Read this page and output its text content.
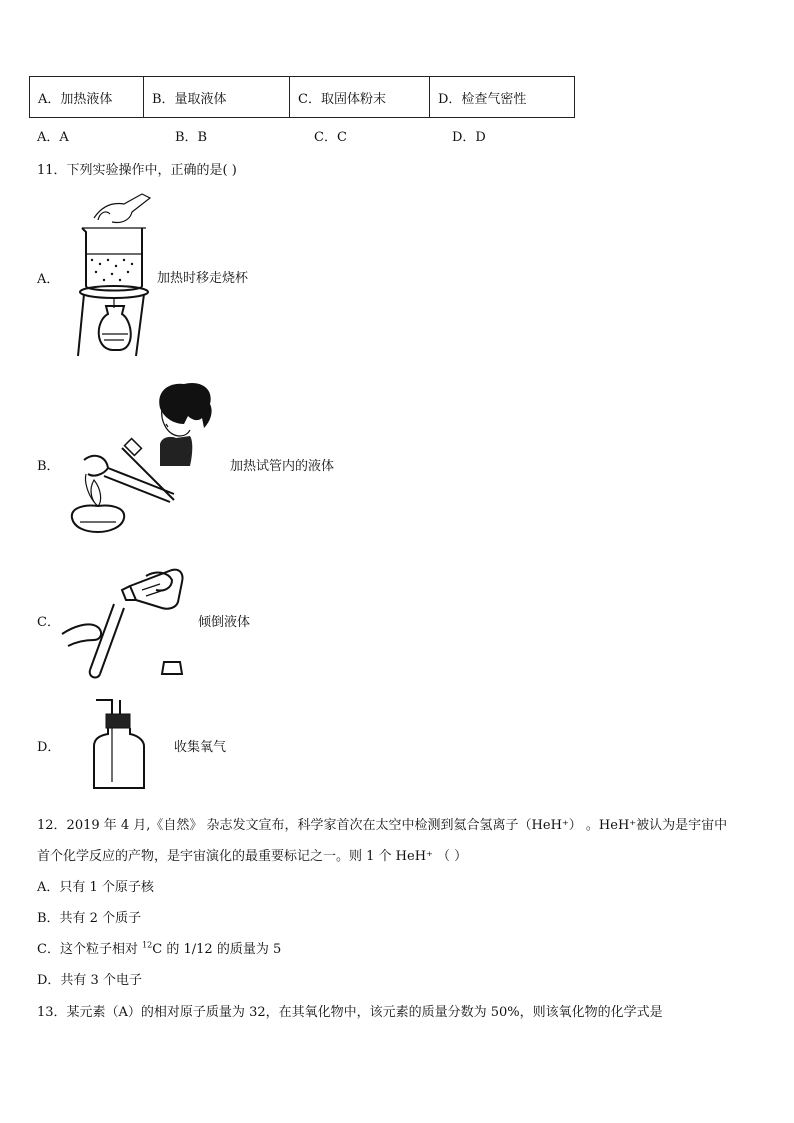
A．加热液体	B．量取液体	C．取固体粉末	D．检查气密性
A．A	B．B	C．C	D．D
11．下列实验操作中，正确的是( )
A．	加热时移走烧杯
B．	加热试管内的液体
C．	倾倒液体
D．	收集氧气
12．2019 年 4 月,《自然》 杂志发文宣布，科学家首次在太空中检测到氦合氢离子（HeH⁺） 。HeH⁺被认为是宇宙中
首个化学反应的产物，是宇宙演化的最重要标记之一。则 1 个 HeH⁺ （ ）
A．只有 1 个原子核
B．共有 2 个质子
C．这个粒子相对 $^{12}$C 的 1/12 的质量为 5
D．共有 3 个电子
13．某元素（A）的相对原子质量为 32，在其氧化物中，该元素的质量分数为 50%，则该氧化物的化学式是
